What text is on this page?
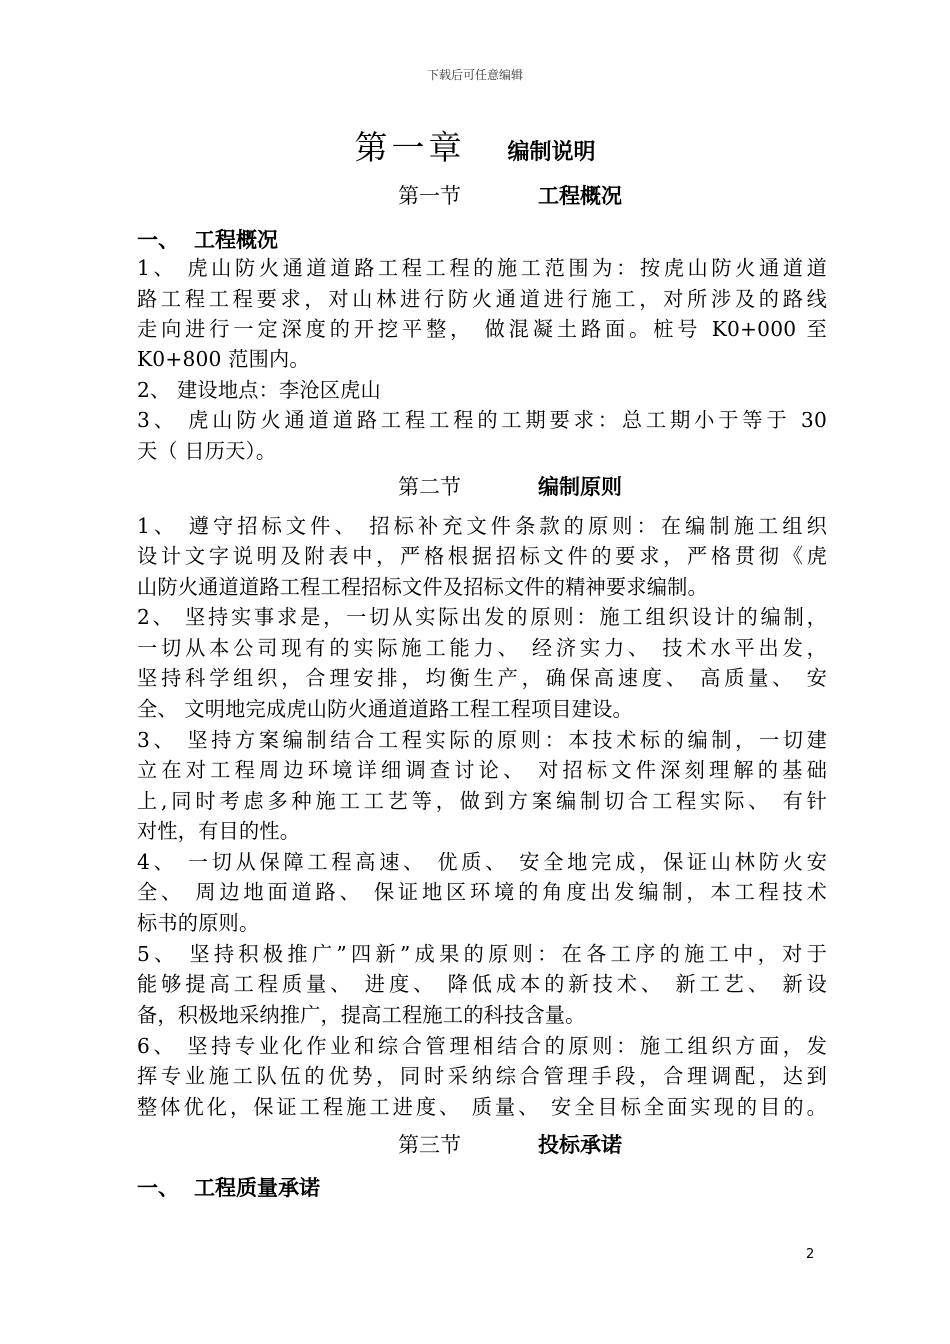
下载后可任意编辑
第一章 编制说明
第一节	工程概况
一、 工程概况
1、 虎山防火通道道路工程工程的施工范围为：按虎山防火通道道
路工程工程要求，对山林进行防火通道进行施工，对所涉及的路线
走向进行一定深度的开挖平整， 做混凝土路面。桩号 K0+000 至
K0+800 范围内。
2、 建设地点：李沧区虎山
3、 虎山防火通道道路工程工程的工期要求：总工期小于等于 30
天（ 日历天）。
第二节	编制原则
1、 遵守招标文件、 招标补充文件条款的原则：在编制施工组织
设计文字说明及附表中，严格根据招标文件的要求，严格贯彻《虎
山防火通道道路工程工程招标文件及招标文件的精神要求编制。
2、 坚持实事求是，一切从实际出发的原则：施工组织设计的编制，
一切从本公司现有的实际施工能力、 经济实力、 技术水平出发，
坚持科学组织，合理安排，均衡生产，确保高速度、 高质量、 安
全、 文明地完成虎山防火通道道路工程工程项目建设。
3、 坚持方案编制结合工程实际的原则：本技术标的编制，一切建
立在对工程周边环境详细调查讨论、 对招标文件深刻理解的基础
上,同时考虑多种施工工艺等，做到方案编制切合工程实际、 有针
对性，有目的性。
4、 一切从保障工程高速、 优质、 安全地完成，保证山林防火安
全、 周边地面道路、 保证地区环境的角度出发编制，本工程技术
标书的原则。
5、 坚持积极推广”四新”成果的原则：在各工序的施工中，对于
能够提高工程质量、 进度、 降低成本的新技术、 新工艺、 新设
备，积极地采纳推广，提高工程施工的科技含量。
6、 坚持专业化作业和综合管理相结合的原则：施工组织方面，发
挥专业施工队伍的优势，同时采纳综合管理手段，合理调配，达到
整体优化，保证工程施工进度、 质量、 安全目标全面实现的目的。
第三节	投标承诺
一、 工程质量承诺
2
